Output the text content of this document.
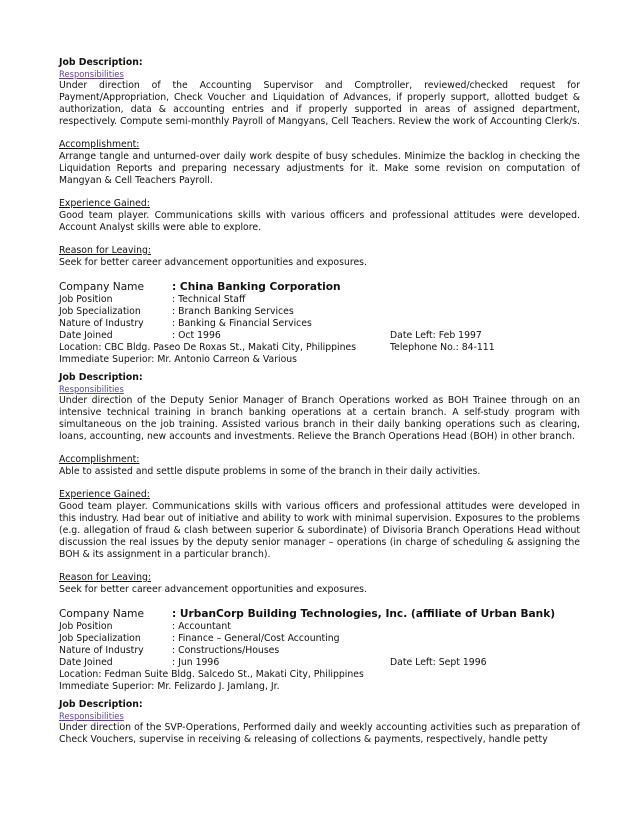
Job Description:
Responsibilities
Under direction of the Accounting Supervisor and Comptroller, reviewed/checked request for Payment/Appropriation, Check Voucher and Liquidation of Advances, if properly support, allotted budget & authorization, data & accounting entries and if properly supported in areas of assigned department, respectively. Compute semi-monthly Payroll of Mangyans, Cell Teachers. Review the work of Accounting Clerk/s.
Accomplishment:
Arrange tangle and unturned-over daily work despite of busy schedules. Minimize the backlog in checking the Liquidation Reports and preparing necessary adjustments for it. Make some revision on computation of Mangyan & Cell Teachers Payroll.
Experience Gained:
Good team player. Communications skills with various officers and professional attitudes were developed. Account Analyst skills were able to explore.
Reason for Leaving:
Seek for better career advancement opportunities and exposures.
Company Name	: China Banking Corporation
Job Position	: Technical Staff
Job Specialization	: Branch Banking Services
Nature of Industry	: Banking & Financial Services
Date Joined	: Oct 1996	Date Left: Feb 1997
Location: CBC Bldg. Paseo De Roxas St., Makati City, Philippines	Telephone No.: 84-111
Immediate Superior: Mr. Antonio Carreon & Various
Job Description:
Responsibilities
Under direction of the Deputy Senior Manager of Branch Operations worked as BOH Trainee through on an intensive technical training in branch banking operations at a certain branch. A self-study program with simultaneous on the job training. Assisted various branch in their daily banking operations such as clearing, loans, accounting, new accounts and investments. Relieve the Branch Operations Head (BOH) in other branch.
Accomplishment:
Able to assisted and settle dispute problems in some of the branch in their daily activities.
Experience Gained:
Good team player. Communications skills with various officers and professional attitudes were developed in this industry. Had bear out of initiative and ability to work with minimal supervision. Exposures to the problems (e.g. allegation of fraud & clash between superior & subordinate) of Divisoria Branch Operations Head without discussion the real issues by the deputy senior manager – operations (in charge of scheduling & assigning the BOH & its assignment in a particular branch).
Reason for Leaving:
Seek for better career advancement opportunities and exposures.
Company Name	: UrbanCorp Building Technologies, Inc. (affiliate of Urban Bank)
Job Position	: Accountant
Job Specialization	: Finance – General/Cost Accounting
Nature of Industry	: Constructions/Houses
Date Joined	: Jun 1996	Date Left: Sept 1996
Location: Fedman Suite Bldg. Salcedo St., Makati City, Philippines
Immediate Superior: Mr. Felizardo J. Jamlang, Jr.
Job Description:
Responsibilities
Under direction of the SVP-Operations, Performed daily and weekly accounting activities such as preparation of Check Vouchers, supervise in receiving & releasing of collections & payments, respectively, handle petty
